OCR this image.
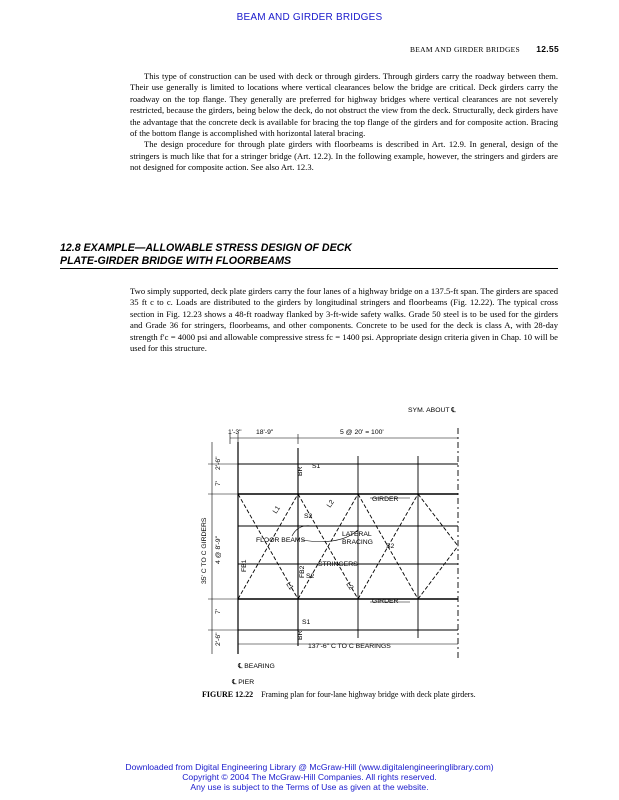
BEAM AND GIRDER BRIDGES
BEAM AND GIRDER BRIDGES 12.55

This type of construction can be used with deck or through girders. Through girders carry the roadway between them. Their use generally is limited to locations where vertical clearances below the bridge are critical. Deck girders carry the roadway on the top flange. They generally are preferred for highway bridges where vertical clearances are not severely restricted, because the girders, being below the deck, do not obstruct the view from the deck. Structurally, deck girders have the advantage that the concrete deck is available for bracing the top flange of the girders and for composite action. Bracing of the bottom flange is accomplished with horizontal lateral bracing.

The design procedure for through plate girders with floorbeams is described in Art. 12.9. In general, design of the stringers is much like that for a stringer bridge (Art. 12.2). In the following example, however, the stringers and girders are not designed for composite action. See also Art. 12.3.

12.8 EXAMPLE—ALLOWABLE STRESS DESIGN OF DECK
PLATE-GIRDER BRIDGE WITH FLOORBEAMS

Two simply supported, deck plate girders carry the four lanes of a highway bridge on a 137.5-ft span. The girders are spaced 35 ft c to c. Loads are distributed to the girders by longitudinal stringers and floorbeams (Fig. 12.22). The typical cross section in Fig. 12.23 shows a 48-ft roadway flanked by 3-ft-wide safety walks. Grade 50 steel is to be used for the girders and Grade 36 for stringers, floorbeams, and other components. Concrete to be used for the deck is class A, with 28-day strength f′c = 4000 psi and allowable compressive stress fc = 1400 psi. Appropriate design criteria given in Chap. 10 will be used for this structure.

SYM. ABOUT ℄
1'-3" 18'-9"	5 @ 20' = 100'
2'-6"
7'
4 @ 8'-9"
7'
2'-6"
35' C TO C GIRDERS
BR
BR
S1
S1
S2
S2
S2
L1
L1
L2
L2
FB1	FB2
GIRDER
GIRDER
FLOOR BEAMS
LATERAL
BRACING
STRINGERS
137'-6" C TO C BEARINGS
℄ BEARING
℄ PIER
FIGURE 12.22 Framing plan for four-lane highway bridge with deck plate girders.
Downloaded from Digital Engineering Library @ McGraw-Hill (www.digitalengineeringlibrary.com)
Copyright © 2004 The McGraw-Hill Companies. All rights reserved.
Any use is subject to the Terms of Use as given at the website.
